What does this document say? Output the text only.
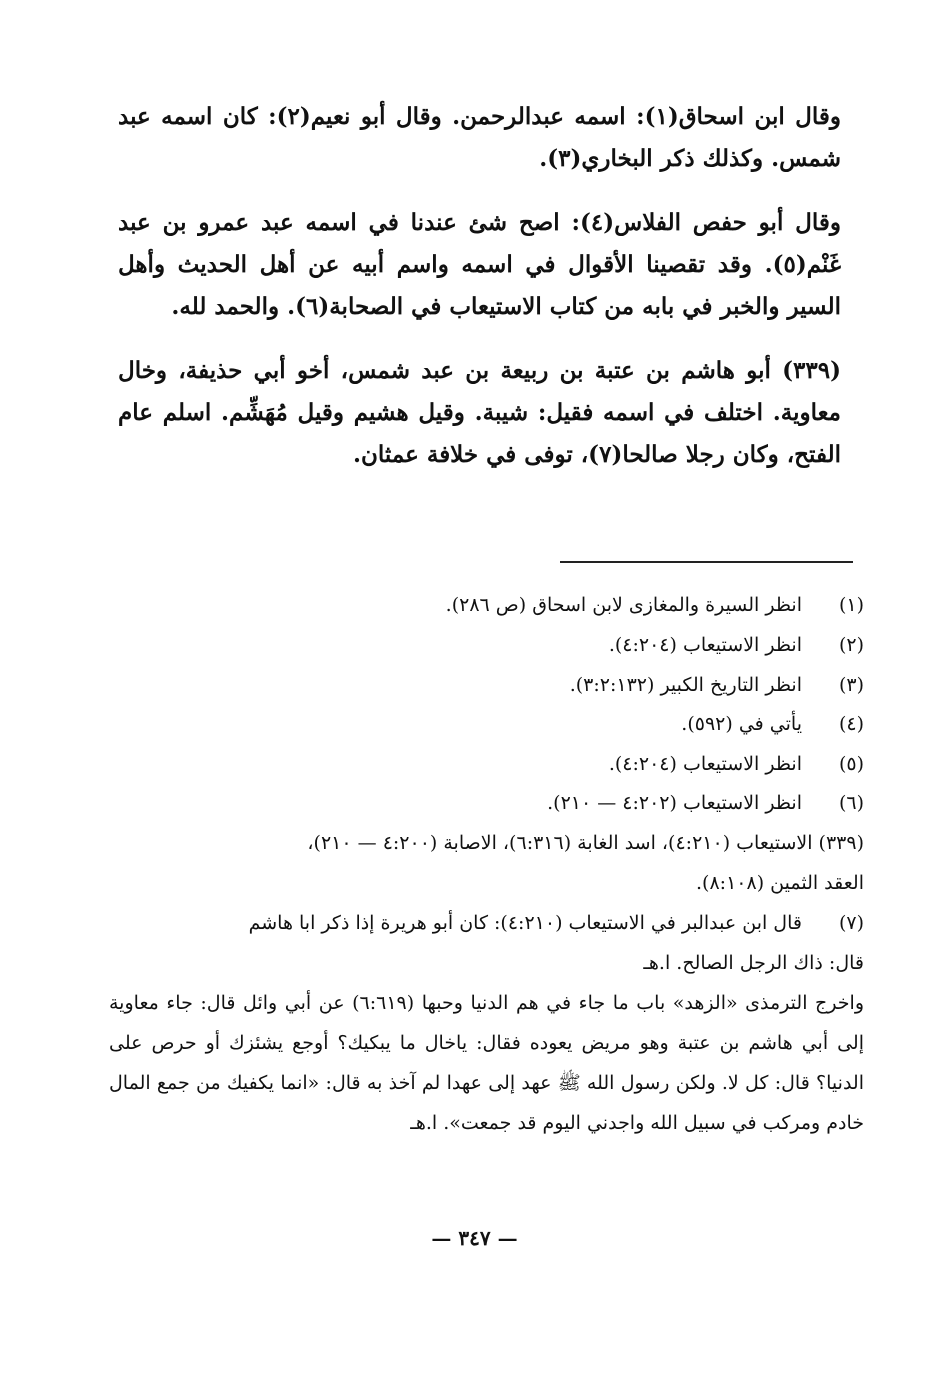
وقال ابن اسحاق(١): اسمه عبدالرحمن. وقال أبو نعيم(٢): كان اسمه عبد شمس. وكذلك ذكر البخاري(٣).

وقال أبو حفص الفلاس(٤): اصح شئ عندنا في اسمه عبد عمرو بن عبد غَنْم(٥). وقد تقصينا الأقوال في اسمه واسم أبيه عن أهل الحديث وأهل السير والخبر في بابه من كتاب الاستيعاب في الصحابة(٦). والحمد لله.

(٣٣٩) أبو هاشم بن عتبة بن ربيعة بن عبد شمس، أخو أبي حذيفة، وخال معاوية. اختلف في اسمه فقيل: شيبة. وقيل هشيم وقيل مُهَشِّم. اسلم عام الفتح، وكان رجلا صالحا(٧)، توفى في خلافة عمثان.

(١)
انظر السيرة والمغازى لابن اسحاق (ص ٢٨٦).
(٢)
انظر الاستيعاب (٤:٢٠٤).
(٣)
انظر التاريخ الكبير (٣:٢:١٣٢).
(٤)
يأتي في (٥٩٢).
(٥)
انظر الاستيعاب (٤:٢٠٤).
(٦)
انظر الاستيعاب (٤:٢٠٢ — ٢١٠).
(٣٣٩) الاستيعاب (٤:٢١٠)، اسد الغابة (٦:٣١٦)، الاصابة (٤:٢٠٠ — ٢١٠)،
العقد الثمين (٨:١٠٨).
(٧)
قال ابن عبدالبر في الاستيعاب (٤:٢١٠): كان أبو هريرة إذا ذكر ابا هاشم
قال: ذاك الرجل الصالح. ا.هـ
واخرج الترمذى «الزهد» باب ما جاء في هم الدنيا وحبها (٦:٦١٩) عن أبي وائل قال: جاء معاوية إلى أبي هاشم بن عتبة وهو مريض يعوده فقال: ياخال ما يبكيك؟ أوجع يشئزك أو حرص على الدنيا؟ قال: كل لا. ولكن رسول الله ﷺ عهد إلى عهدا لم آخذ به قال: «انما يكفيك من جمع المال خادم ومركب في سبيل الله واجدني اليوم قد جمعت». ا.هـ
— ٣٤٧ —
